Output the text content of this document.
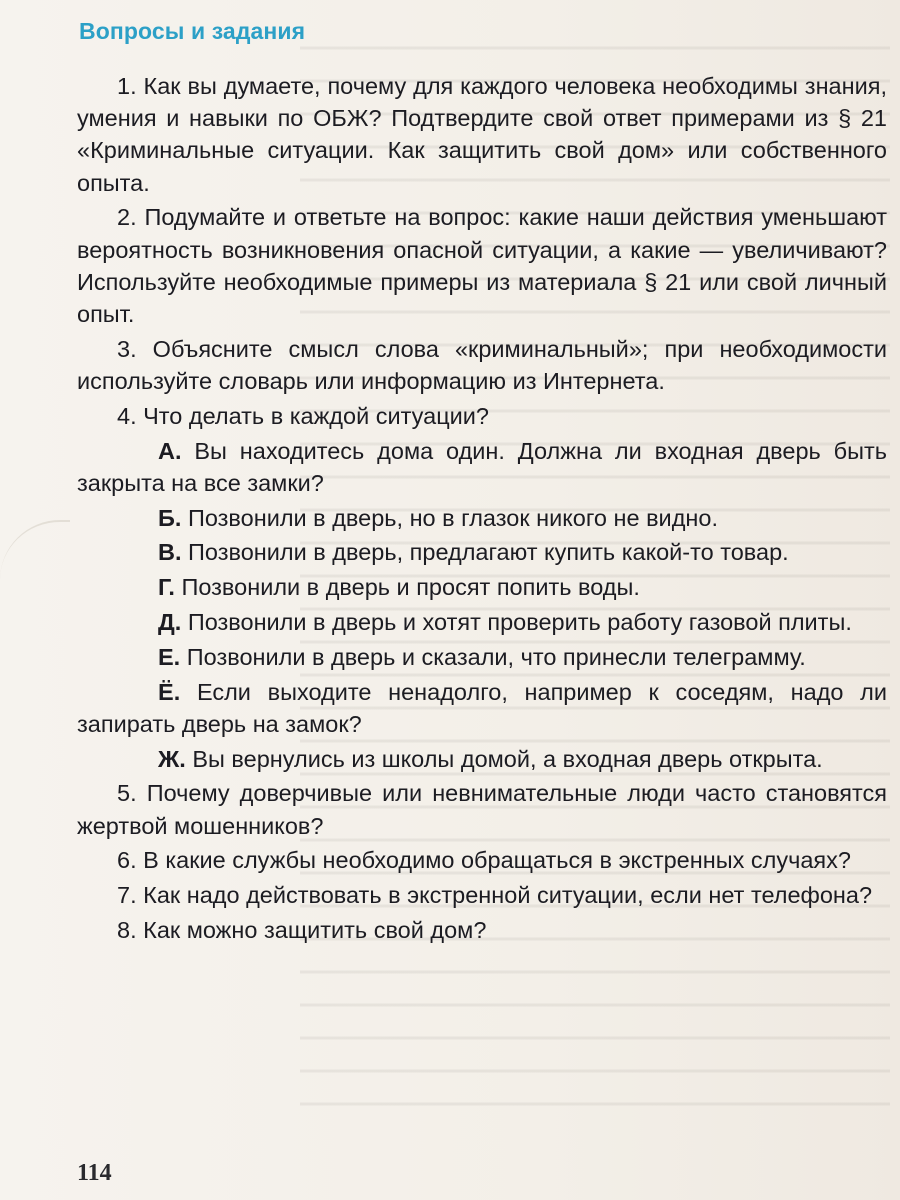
Вопросы и задания

1. Как вы думаете, почему для каждого человека необходимы знания, умения и навыки по ОБЖ? Подтвердите свой ответ примерами из § 21 «Криминальные ситуации. Как защитить свой дом» или собственного опыта.

2. Подумайте и ответьте на вопрос: какие наши действия уменьшают вероятность возникновения опасной ситуации, а какие — увеличивают? Используйте необходимые примеры из материала § 21 или свой личный опыт.

3. Объясните смысл слова «криминальный»; при необходимости используйте словарь или информацию из Интернета.

4. Что делать в каждой ситуации?

А. Вы находитесь дома один. Должна ли входная дверь быть закрыта на все замки?

Б. Позвонили в дверь, но в глазок никого не видно.

В. Позвонили в дверь, предлагают купить какой-то товар.

Г. Позвонили в дверь и просят попить воды.

Д. Позвонили в дверь и хотят проверить работу газовой плиты.

Е. Позвонили в дверь и сказали, что принесли телеграмму.

Ё. Если выходите ненадолго, например к соседям, надо ли запирать дверь на замок?

Ж. Вы вернулись из школы домой, а входная дверь открыта.

5. Почему доверчивые или невнимательные люди часто становятся жертвой мошенников?

6. В какие службы необходимо обращаться в экстренных случаях?

7. Как надо действовать в экстренной ситуации, если нет телефона?

8. Как можно защитить свой дом?

114
